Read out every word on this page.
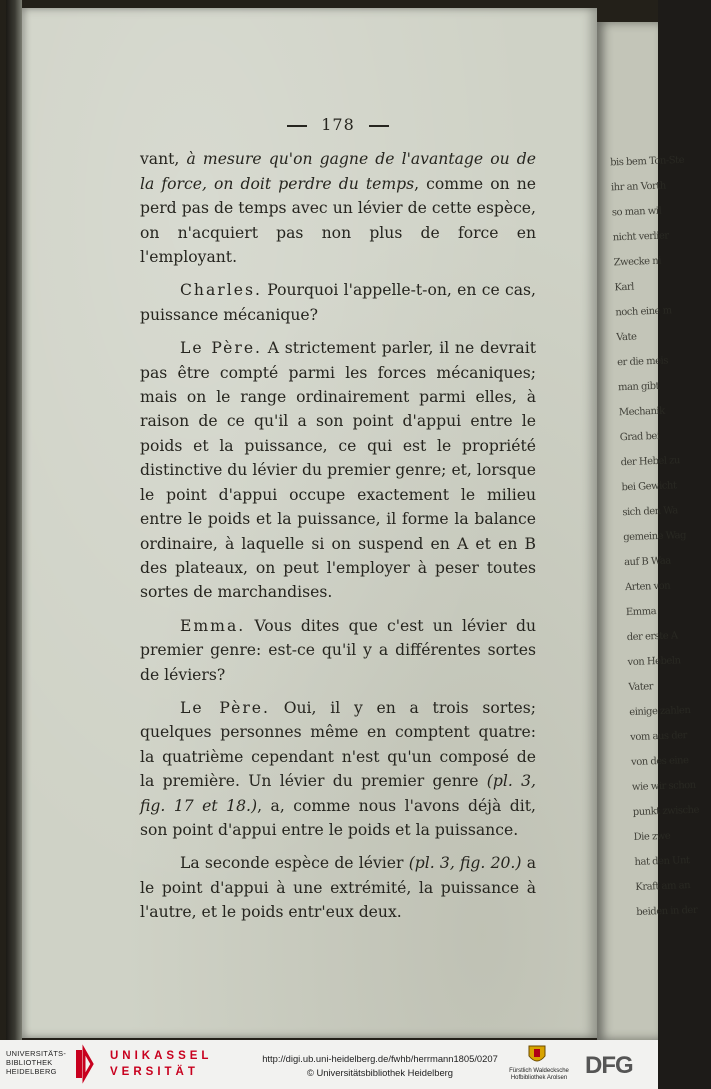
bis bem Ton-Ste
ihr an Vorth
so man wil
nicht verlier
Zwecke ni
Karl
noch eine m
Vate
er die meis
man gibt
Mechanik
Grad bei
der Hebel zu
bei Gewicht
sich den Wa
gemeine Wag
auf B Waa
Arten von
Emma
der erste A
von Hebeln
Vater
einige zahlen
vom aus der
von des eine
wie wir schon
punkt zwische
Die zwe
hat den Unt
Kraft am an
beiden in der
178

vant, à mesure qu'on gagne de l'avantage ou de la force, on doit perdre du temps, comme on ne perd pas de temps avec un lévier de cette espèce, on n'acquiert pas non plus de force en l'employant.

Charles. Pourquoi l'appelle-t-on, en ce cas, puissance mécanique?

Le Père. A strictement parler, il ne devrait pas être compté parmi les forces mécaniques; mais on le range ordinairement parmi elles, à raison de ce qu'il a son point d'appui entre le poids et la puissance, ce qui est le propriété distinctive du lévier du premier genre; et, lorsque le point d'appui occupe exactement le milieu entre le poids et la puissance, il forme la balance ordinaire, à laquelle si on suspend en A et en B des plateaux, on peut l'employer à peser toutes sortes de marchandises.

Emma. Vous dites que c'est un lévier du premier genre: est-ce qu'il y a différentes sortes de léviers?

Le Père. Oui, il y en a trois sortes; quelques personnes même en comptent quatre: la quatrième cependant n'est qu'un composé de la première. Un lévier du premier genre (pl. 3, fig. 17 et 18.), a, comme nous l'avons déjà dit, son point d'appui entre le poids et la puissance.

La seconde espèce de lévier (pl. 3, fig. 20.) a le point d'appui à une extrémité, la puissance à l'autre, et le poids entr'eux deux.

UNIVERSITÄTS-
BIBLIOTHEK
HEIDELBERG
UNIKASSEL
VERSITÄT
http://digi.ub.uni-heidelberg.de/fwhb/herrmann1805/0207
© Universitätsbibliothek Heidelberg	Fürstlich Waldecksche
Hofbibliothek Arolsen DFG
